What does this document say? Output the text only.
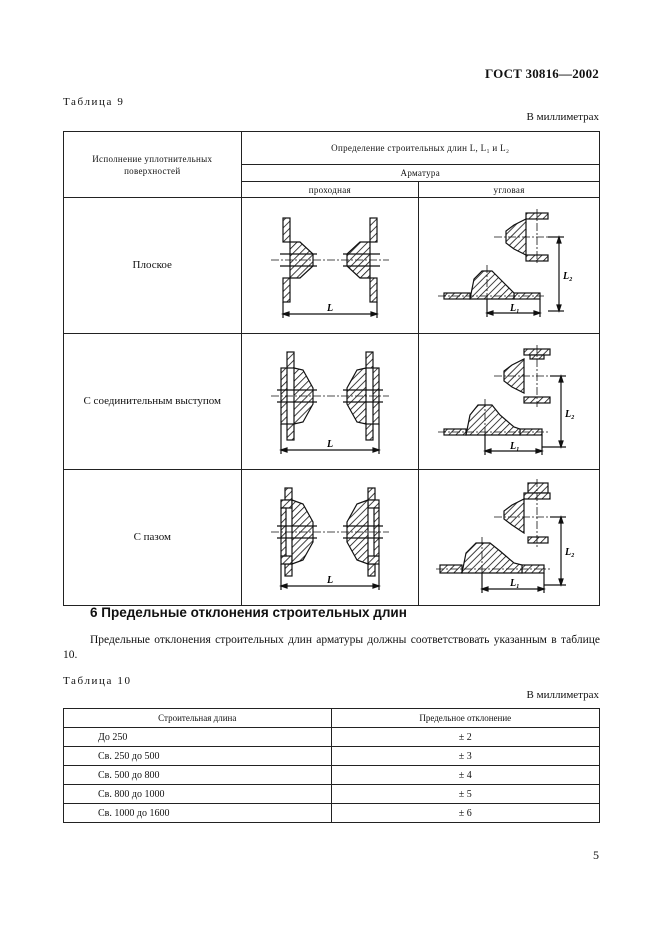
ГОСТ 30816—2002
Таблица 9
В миллиметрах
Исполнение уплотнительных поверхностей	Определение строительных длин L, L₁ и L₂	
	Арматура	
	проходная	угловая
Плоское	L	L₁
L₂

С соединительным выступом	L	L₁
L₂

С пазом	L	L₁
L₂
6 Предельные отклонения строительных длин
Предельные отклонения строительных длин арматуры должны соответствовать указанным в таблице 10.
Таблица 10
В миллиметрах
Строительная длина	Предельное отклонение
До 250	± 2
Св. 250 до 500	± 3
Св. 500 до 800	± 4
Св. 800 до 1000	± 5
Св. 1000 до 1600	± 6
5
